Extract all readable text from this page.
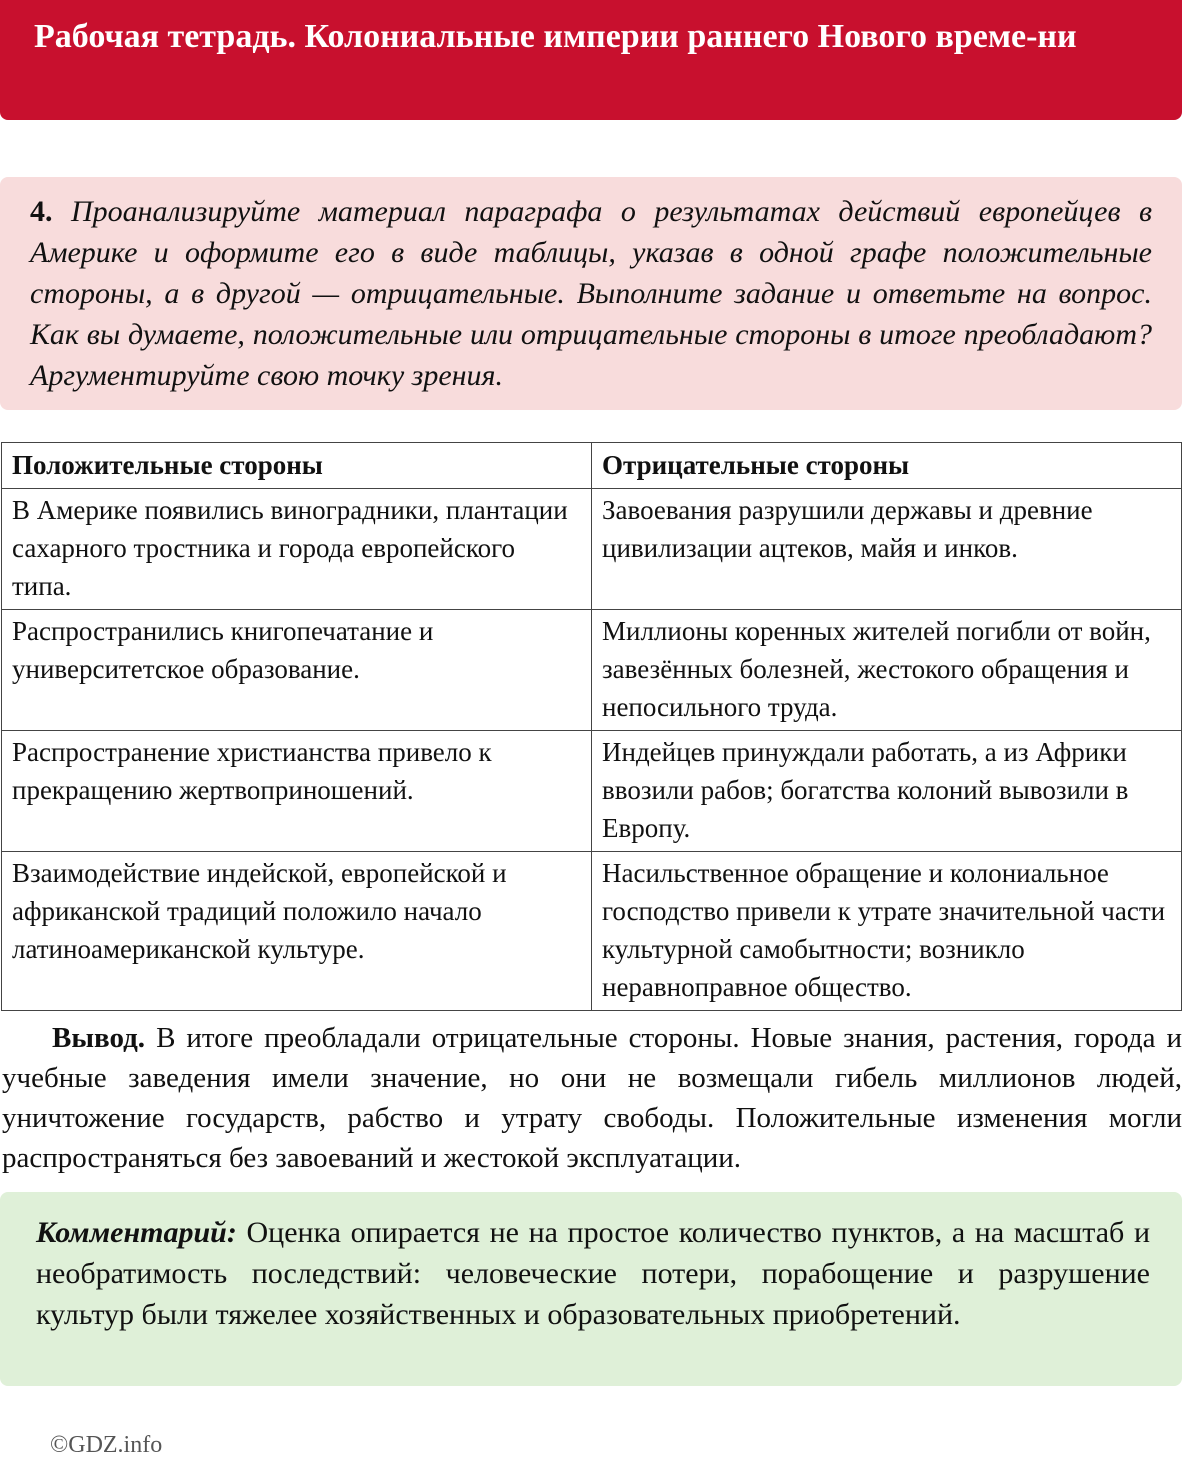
Рабочая тетрадь. Колониальные империи раннего Нового време-ни
4. Проанализируйте материал параграфа о результатах действий европейцев в Америке и оформите его в виде таблицы, указав в одной графе положительные стороны, а в другой — отрицательные. Выполните задание и ответьте на вопрос. Как вы думаете, положительные или отрицательные стороны в итоге преобладают? Аргументируйте свою точку зрения.
Положительные стороны	Отрицательные стороны
В Америке появились виноградники, плантации сахарного тростника и города европейского типа.	Завоевания разрушили державы и древние цивилизации ацтеков, майя и инков.
Распространились книгопечатание и университетское образование.	Миллионы коренных жителей погибли от войн, завезённых болезней, жестокого обращения и непосильного труда.
Распространение христианства привело к прекращению жертвоприношений.	Индейцев принуждали работать, а из Африки ввозили рабов; богатства колоний вывозили в Европу.
Взаимодействие индейской, европейской и африканской традиций положило начало латиноамериканской культуре.	Насильственное обращение и колониальное господство привели к утрате значительной части культурной самобытности; возникло неравноправное общество.
Вывод. В итоге преобладали отрицательные стороны. Новые знания, растения, города и учебные заведения имели значение, но они не возмещали гибель миллионов людей, уничтожение государств, рабство и утрату свободы. Положительные изменения могли распространяться без завоеваний и жестокой эксплуатации.
Комментарий: Оценка опирается не на простое количество пунктов, а на масштаб и необратимость последствий: человеческие потери, порабощение и разрушение культур были тяжелее хозяйственных и образовательных приобретений.
©GDZ.info
